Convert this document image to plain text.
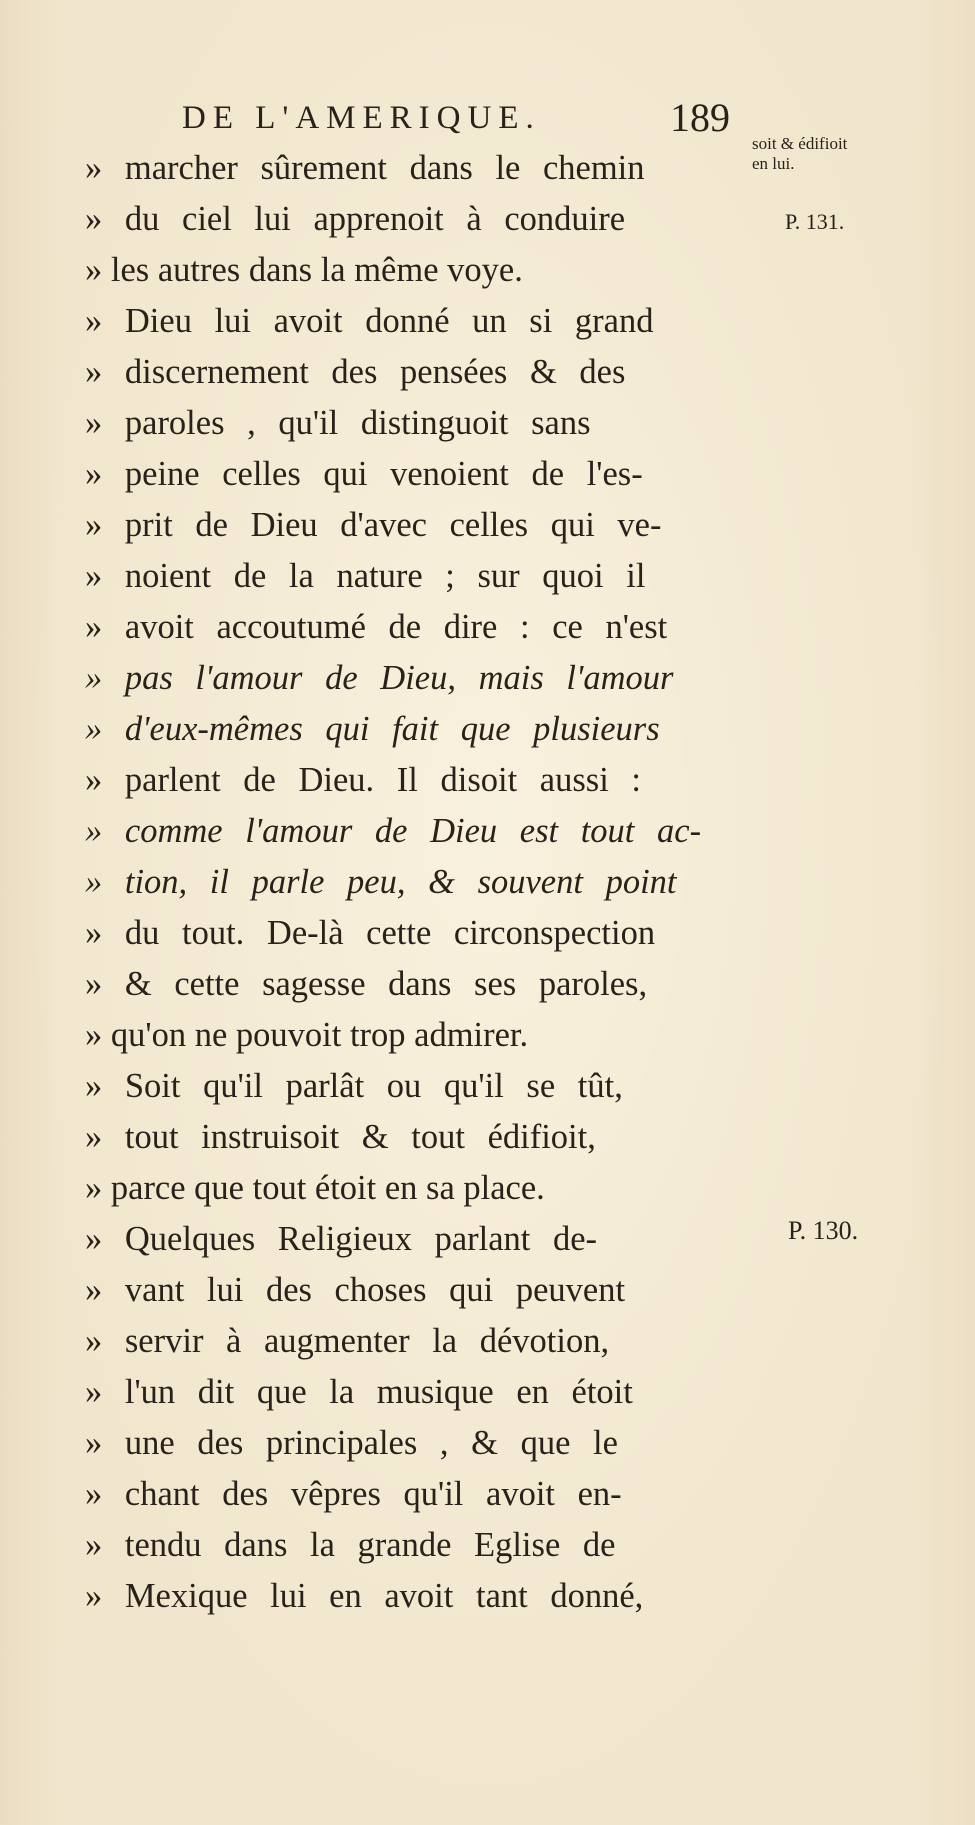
DE L'AMERIQUE.	189
» marcher sûrement dans le chemin
» du ciel lui apprenoit à conduire
» les autres dans la même voye.
» Dieu lui avoit donné un si grand
» discernement des pensées & des
» paroles , qu'il distinguoit sans
» peine celles qui venoient de l'es-
» prit de Dieu d'avec celles qui ve-
» noient de la nature ; sur quoi il
» avoit accoutumé de dire : ce n'est
» pas l'amour de Dieu, mais l'amour
» d'eux-mêmes qui fait que plusieurs
» parlent de Dieu. Il disoit aussi :
» comme l'amour de Dieu est tout ac-
» tion, il parle peu, & souvent point
» du tout. De-là cette circonspection
» & cette sagesse dans ses paroles,
» qu'on ne pouvoit trop admirer.
» Soit qu'il parlât ou qu'il se tût,
» tout instruisoit & tout édifioit,
» parce que tout étoit en sa place.
» Quelques Religieux parlant de-
» vant lui des choses qui peuvent
» servir à augmenter la dévotion,
» l'un dit que la musique en étoit
» une des principales , & que le
» chant des vêpres qu'il avoit en-
» tendu dans la grande Eglise de
» Mexique lui en avoit tant donné,
soit & édifioit
en lui.
P. 131.
P. 130.
